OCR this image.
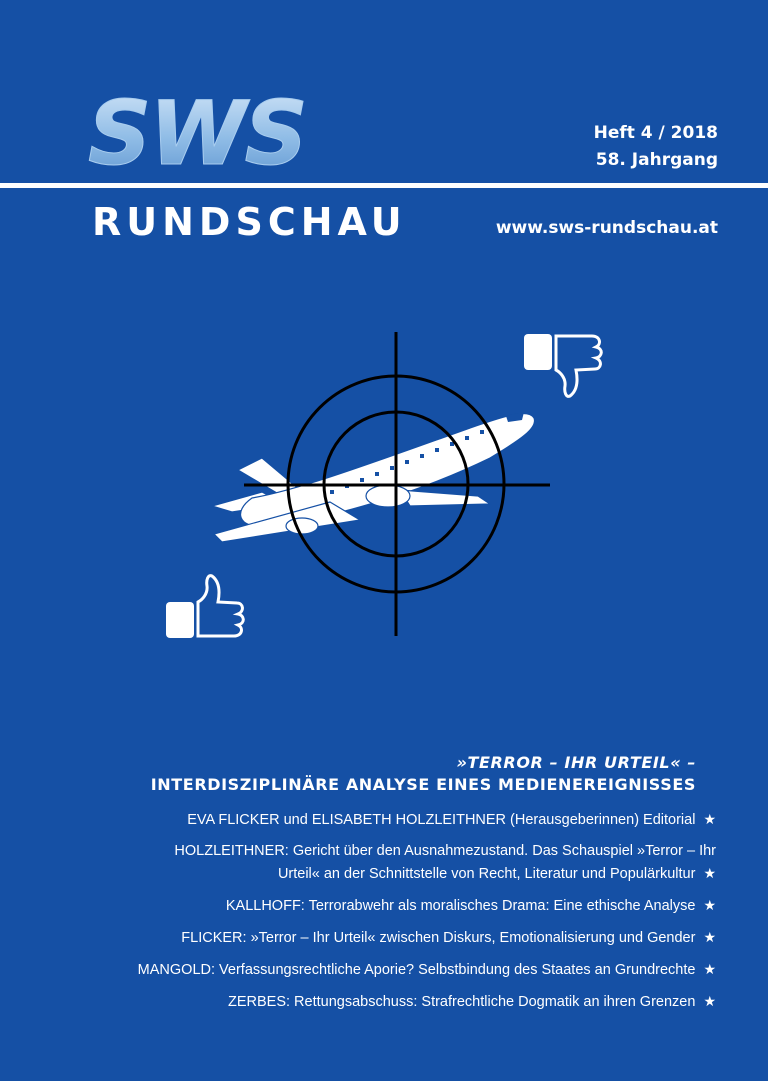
SWS	Heft 4 / 2018
58. Jahrgang
RUNDSCHAU	www.sws-rundschau.at
»TERROR – IHR URTEIL« –
INTERDISZIPLINÄRE ANALYSE EINES MEDIENEREIGNISSES
EVA FLICKER und ELISABETH HOLZLEITHNER (Herausgeberinnen) Editorial ★
HOLZLEITHNER: Gericht über den Ausnahmezustand. Das Schauspiel »Terror – Ihr
Urteil« an der Schnittstelle von Recht, Literatur und Populärkultur ★
KALLHOFF: Terrorabwehr als moralisches Drama: Eine ethische Analyse ★
FLICKER: »Terror – Ihr Urteil« zwischen Diskurs, Emotionalisierung und Gender ★
MANGOLD: Verfassungsrechtliche Aporie? Selbstbindung des Staates an Grundrechte ★
ZERBES: Rettungsabschuss: Strafrechtliche Dogmatik an ihren Grenzen ★
